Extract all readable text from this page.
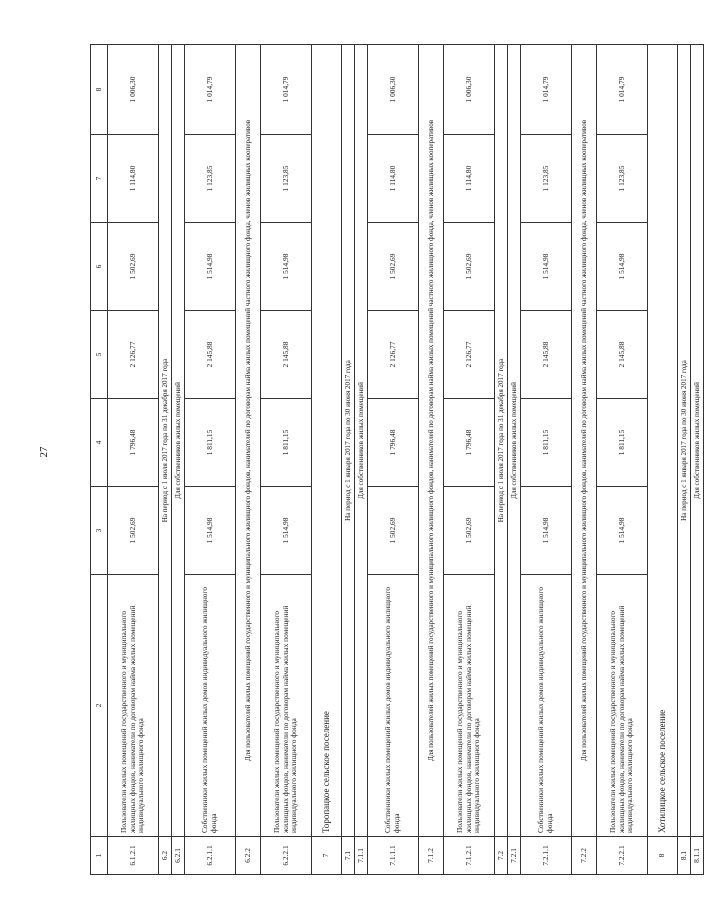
27
1	2	3	4	5	6	7	8
6.1.2.1	Пользователи жилых помещений государственного и муниципального жилищных фондов, наниматели по договорам найма жилых помещений индивидуального жилищного фонда	1 502,69	1 796,48	2 126,77	1 502,69	1 114,80	1 006,30
6.2	На период с 1 июля 2017 года по 31 декабря 2017 года						
6.2.1	Для собственников жилых помещений						
6.2.1.1	Собственники жилых помещений жилых домов индивидуального жилищного фонда	1 514,98	1 811,15	2 145,88	1 514,98	1 123,85	1 014,79
6.2.2	Для пользователей жилых помещений государственного и муниципального жилищного фондов, нанимателей по договорам найма жилых помещений частного жилищного фонда, членов жилищных кооперативов						
6.2.2.1	Пользователи жилых помещений государственного и муниципального жилищных фондов, наниматели по договорам найма жилых помещений индивидуального жилищного фонда	1 514,98	1 811,15	2 145,88	1 514,98	1 123,85	1 014,79
7	Торопацкое сельское поселение						
7.1	На период с 1 января 2017 года по 30 июня 2017 года						
7.1.1	Для собственников жилых помещений						
7.1.1.1	Собственники жилых помещений жилых домов индивидуального жилищного фонда	1 502,69	1 796,48	2 126,77	1 502,69	1 114,80	1 006,30
7.1.2	Для пользователей жилых помещений государственного и муниципального жилищного фондов, нанимателей по договорам найма жилых помещений частного жилищного фонда, членов жилищных кооперативов						
7.1.2.1	Пользователи жилых помещений государственного и муниципального жилищных фондов, наниматели по договорам найма жилых помещений индивидуального жилищного фонда	1 502,69	1 796,48	2 126,77	1 502,69	1 114,80	1 006,30
7.2	На период с 1 июля 2017 года по 31 декабря 2017 года						
7.2.1	Для собственников жилых помещений						
7.2.1.1	Собственники жилых помещений жилых домов индивидуального жилищного фонда	1 514,98	1 811,15	2 145,88	1 514,98	1 123,85	1 014,79
7.2.2	Для пользователей жилых помещений государственного и муниципального жилищного фондов, нанимателей по договорам найма жилых помещений частного жилищного фонда, членов жилищных кооперативов						
7.2.2.1	Пользователи жилых помещений государственного и муниципального жилищных фондов, наниматели по договорам найма жилых помещений индивидуального жилищного фонда	1 514,98	1 811,15	2 145,88	1 514,98	1 123,85	1 014,79
8	Хотилицкое сельское поселение						
8.1	На период с 1 января 2017 года по 30 июня 2017 года						
8.1.1	Для собственников жилых помещений						
